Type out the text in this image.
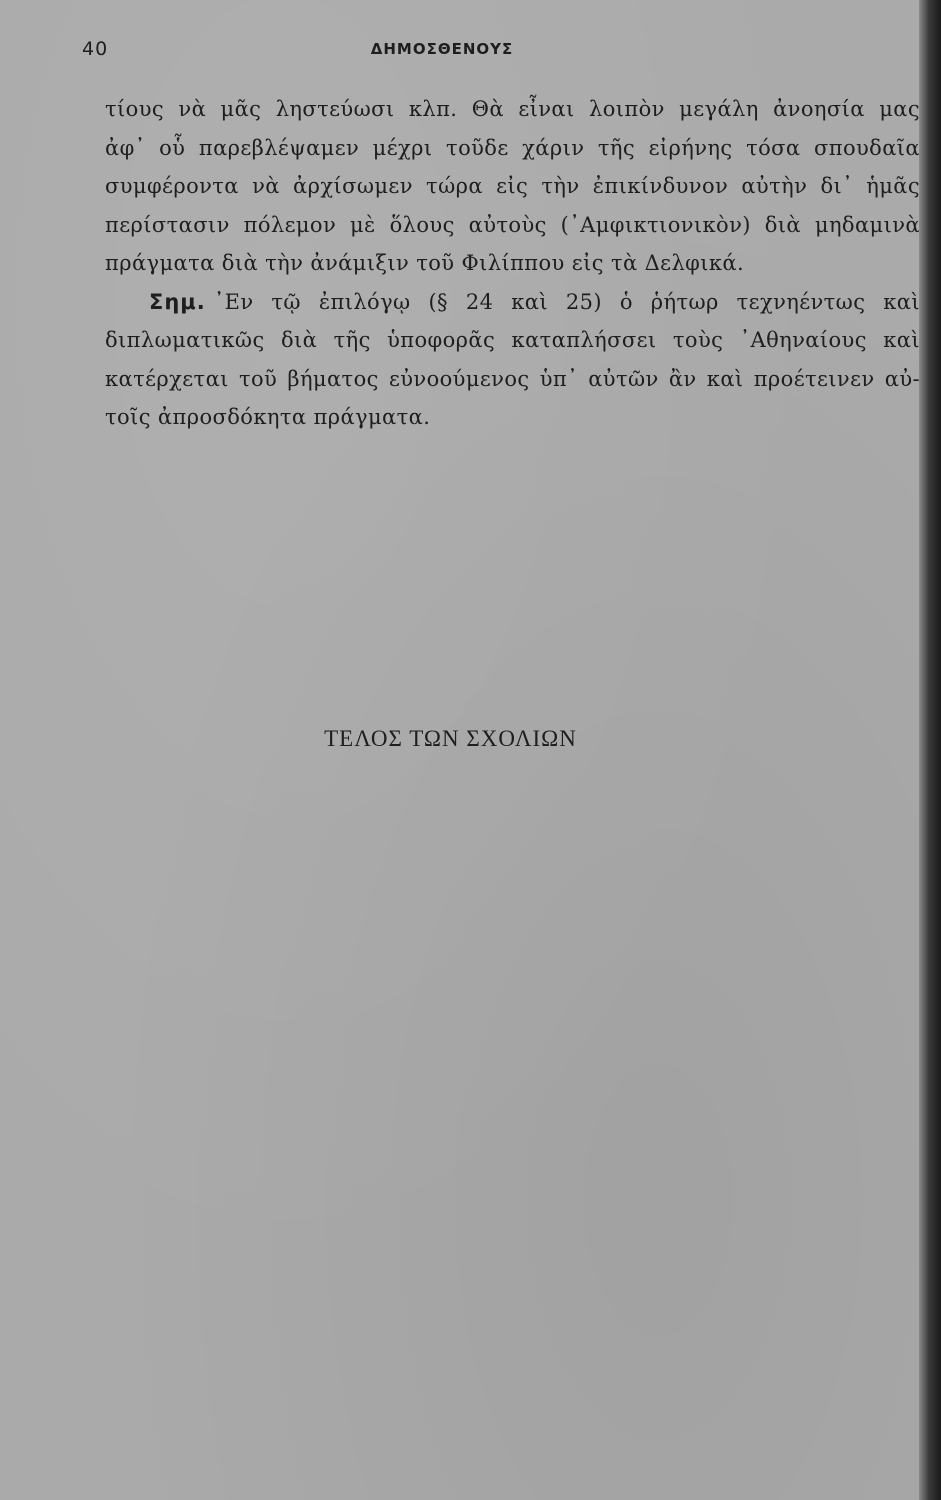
40	ΔΗΜΟΣΘΕΝΟΥΣ
τίους νὰ μᾶς ληστεύωσι κλπ. Θὰ εἶναι λοιπὸν μεγάλη ἀνοησία μας
ἀφ᾽ οὗ παρεβλέψαμεν μέχρι τοῦδε χάριν τῆς εἰρήνης τόσα σπουδαῖα
συμφέροντα νὰ ἀρχίσωμεν τώρα εἰς τὴν ἐπικίνδυνον αὐτὴν δι᾽ ἡμᾶς
περίστασιν πόλεμον μὲ ὅλους αὐτοὺς (᾽Αμφικτιονικὸν) διὰ μηδαμινὰ
πράγματα διὰ τὴν ἀνάμιξιν τοῦ Φιλίππου εἰς τὰ Δελφικά.
Σημ. ᾽Εν τῷ ἐπιλόγῳ (§ 24 καὶ 25) ὁ ῥήτωρ τεχνηέντως καὶ
διπλωματικῶς διὰ τῆς ὑποφορᾶς καταπλήσσει τοὺς ᾽Αθηναίους καὶ
κατέρχεται τοῦ βήματος εὐνοούμενος ὑπ᾽ αὐτῶν ἂν καὶ προέτεινεν αὐ-
τοῖς ἀπροσδόκητα πράγματα.
ΤΕΛΟΣ ΤΩΝ ΣΧΟΛΙΩΝ
